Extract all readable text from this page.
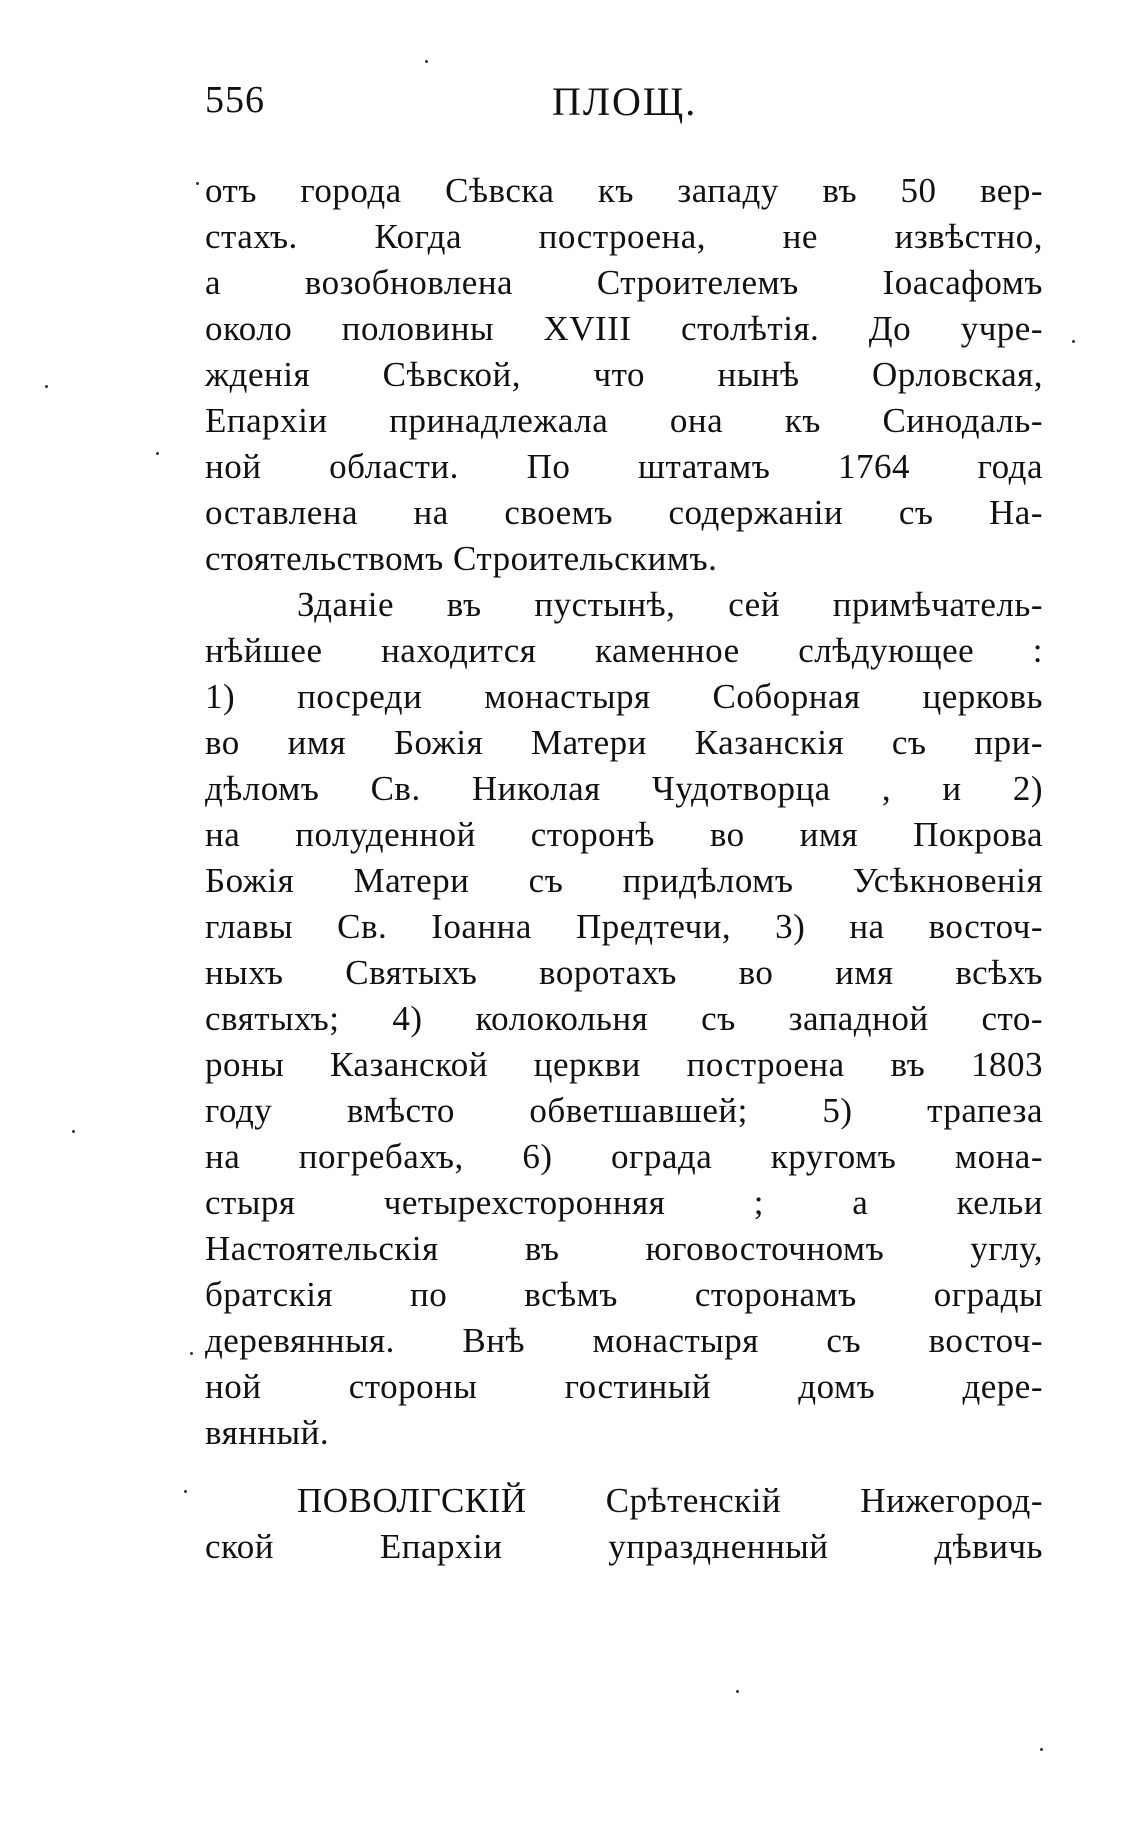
556	ПЛОЩ.
отъ города Сѣвска къ западу въ 50 вер-
стахъ. Когда построена, не извѣстно,
а возобновлена Строителемъ Іоасафомъ
около половины XVIII столѣтія. До учре-
жденія Сѣвской, что нынѣ Орловская,
Епархіи принадлежала она къ Синодаль-
ной области. По штатамъ 1764 года
оставлена на своемъ содержаніи съ На-
стоятельствомъ Строительскимъ.
Зданіе въ пустынѣ, сей примѣчатель-
нѣйшее находится каменное слѣдующее :
1) посреди монастыря Соборная церковь
во имя Божія Матери Казанскія съ при-
дѣломъ Св. Николая Чудотворца , и 2)
на полуденной сторонѣ во имя Покрова
Божія Матери съ придѣломъ Усѣкновенія
главы Св. Іоанна Предтечи, 3) на восточ-
ныхъ Святыхъ воротахъ во имя всѣхъ
святыхъ; 4) колокольня съ западной сто-
роны Казанской церкви построена въ 1803
году вмѣсто обветшавшей; 5) трапеза
на погребахъ, 6) ограда кругомъ мона-
стыря четырехсторонняя ; а кельи
Настоятельскія въ юговосточномъ углу,
братскія по всѣмъ сторонамъ ограды
деревянныя. Внѣ монастыря съ восточ-
ной стороны гостиный домъ дере-
вянный.
ПОВОЛГСКІЙ Срѣтенскій Нижегород-
ской Епархіи упраздненный дѣвичь
